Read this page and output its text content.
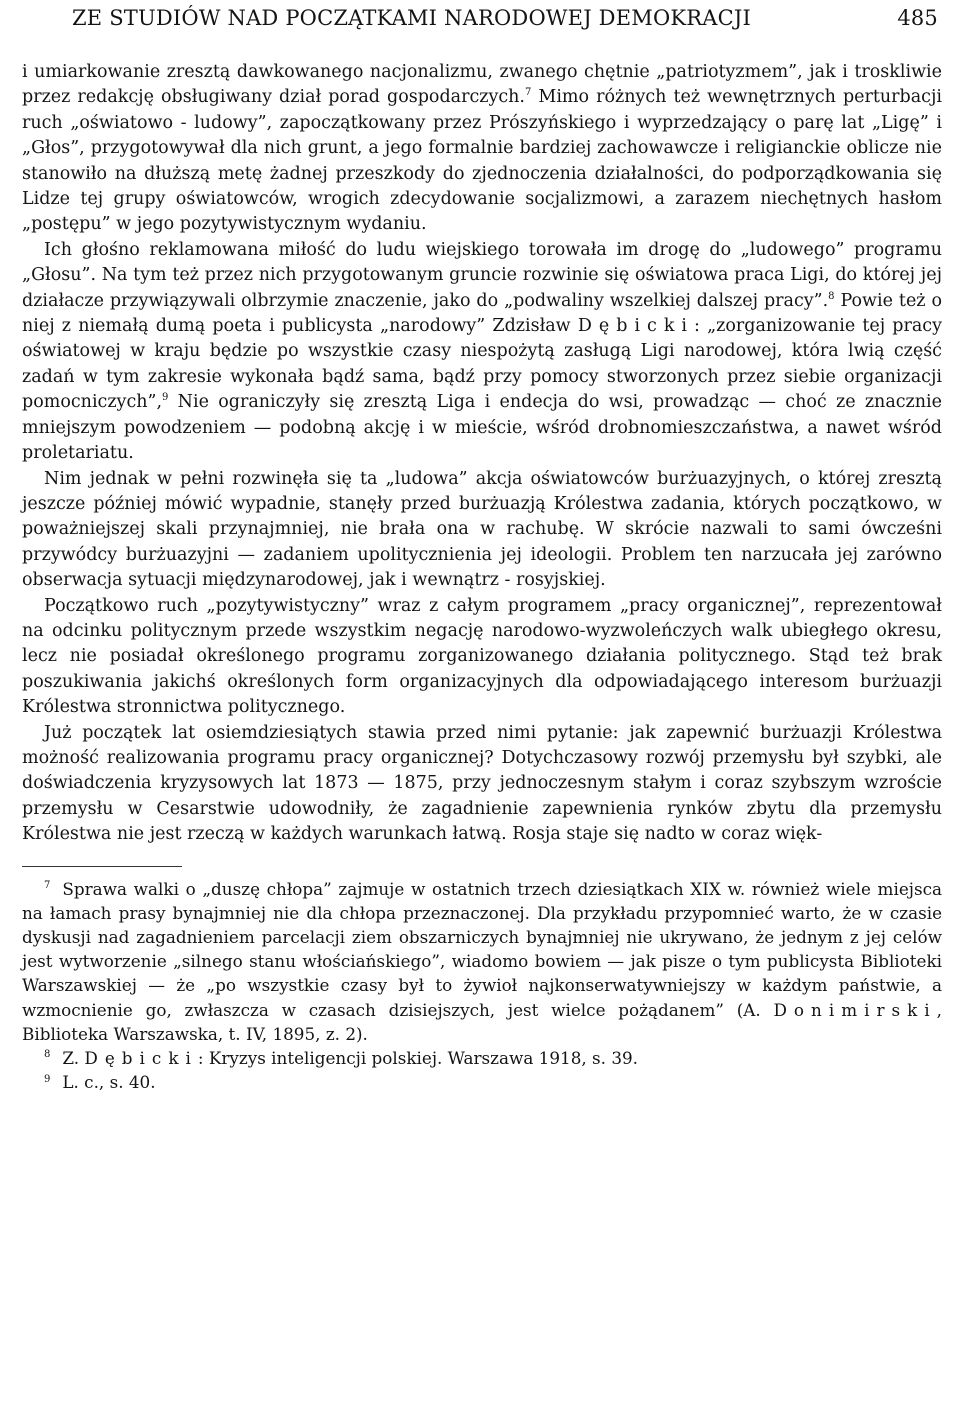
ZE STUDIÓW NAD POCZĄTKAMI NARODOWEJ DEMOKRACJI	485

i umiarkowanie zresztą dawkowanego nacjonalizmu, zwanego chętnie „patriotyzmem”, jak i troskliwie przez redakcję obsługiwany dział porad gospodarczych.$^7$ Mimo różnych też wewnętrznych perturbacji ruch „oświatowo - ludowy”, zapoczątkowany przez Prószyńskiego i wyprzedzający o parę lat „Ligę” i „Głos”, przygotowywał dla nich grunt, a jego formalnie bardziej zachowawcze i religianckie oblicze nie stanowiło na dłuższą metę żadnej przeszkody do zjednoczenia działalności, do podporządkowania się Lidze tej grupy oświatowców, wrogich zdecydowanie socjalizmowi, a zarazem niechętnych hasłom „postępu” w jego pozytywistycznym wydaniu.

Ich głośno reklamowana miłość do ludu wiejskiego torowała im drogę do „ludowego” programu „Głosu”. Na tym też przez nich przygotowanym gruncie rozwinie się oświatowa praca Ligi, do której jej działacze przywiązywali olbrzymie znaczenie, jako do „podwaliny wszelkiej dalszej pracy”.$^8$ Powie też o niej z niemałą dumą poeta i publicysta „narodowy” Zdzisław Dębicki: „zorganizowanie tej pracy oświatowej w kraju będzie po wszystkie czasy niespożytą zasługą Ligi narodowej, która lwią część zadań w tym zakresie wykonała bądź sama, bądź przy pomocy stworzonych przez siebie organizacji pomocniczych”,$^9$ Nie ograniczyły się zresztą Liga i endecja do wsi, prowadząc — choć ze znacznie mniejszym powodzeniem — podobną akcję i w mieście, wśród drobnomieszczaństwa, a nawet wśród proletariatu.

Nim jednak w pełni rozwinęła się ta „ludowa” akcja oświatowców burżuazyjnych, o której zresztą jeszcze później mówić wypadnie, stanęły przed burżuazją Królestwa zadania, których początkowo, w poważniejszej skali przynajmniej, nie brała ona w rachubę. W skrócie nazwali to sami ówcześni przywódcy burżuazyjni — zadaniem upolitycznienia jej ideologii. Problem ten narzucała jej zarówno obserwacja sytuacji międzynarodowej, jak i wewnątrz - rosyjskiej.

Początkowo ruch „pozytywistyczny” wraz z całym programem „pracy organicznej”, reprezentował na odcinku politycznym przede wszystkim negację narodowo-wyzwoleńczych walk ubiegłego okresu, lecz nie posiadał określonego programu zorganizowanego działania politycznego. Stąd też brak poszukiwania jakichś określonych form organizacyjnych dla odpowiadającego interesom burżuazji Królestwa stronnictwa politycznego.

Już początek lat osiemdziesiątych stawia przed nimi pytanie: jak zapewnić burżuazji Królestwa możność realizowania programu pracy organicznej? Dotychczasowy rozwój przemysłu był szybki, ale doświadczenia kryzysowych lat 1873 — 1875, przy jednoczesnym stałym i coraz szybszym wzroście przemysłu w Cesarstwie udowodniły, że zagadnienie zapewnienia rynków zbytu dla przemysłu Królestwa nie jest rzeczą w każdych warunkach łatwą. Rosja staje się nadto w coraz więk-

$^7$ Sprawa walki o „duszę chłopa” zajmuje w ostatnich trzech dziesiątkach XIX w. również wiele miejsca na łamach prasy bynajmniej nie dla chłopa przeznaczonej. Dla przykładu przypomnieć warto, że w czasie dyskusji nad zagadnieniem parcelacji ziem obszarniczych bynajmniej nie ukrywano, że jednym z jej celów jest wytworzenie „silnego stanu włościańskiego”, wiadomo bowiem — jak pisze o tym publicysta Biblioteki Warszawskiej — że „po wszystkie czasy był to żywioł najkonserwatywniejszy w każdym państwie, a wzmocnienie go, zwłaszcza w czasach dzisiejszych, jest wielce pożądanem” (A. Donimirski, Biblioteka Warszawska, t. IV, 1895, z. 2).

$^8$ Z. Dębicki: Kryzys inteligencji polskiej. Warszawa 1918, s. 39.

$^9$ L. c., s. 40.
